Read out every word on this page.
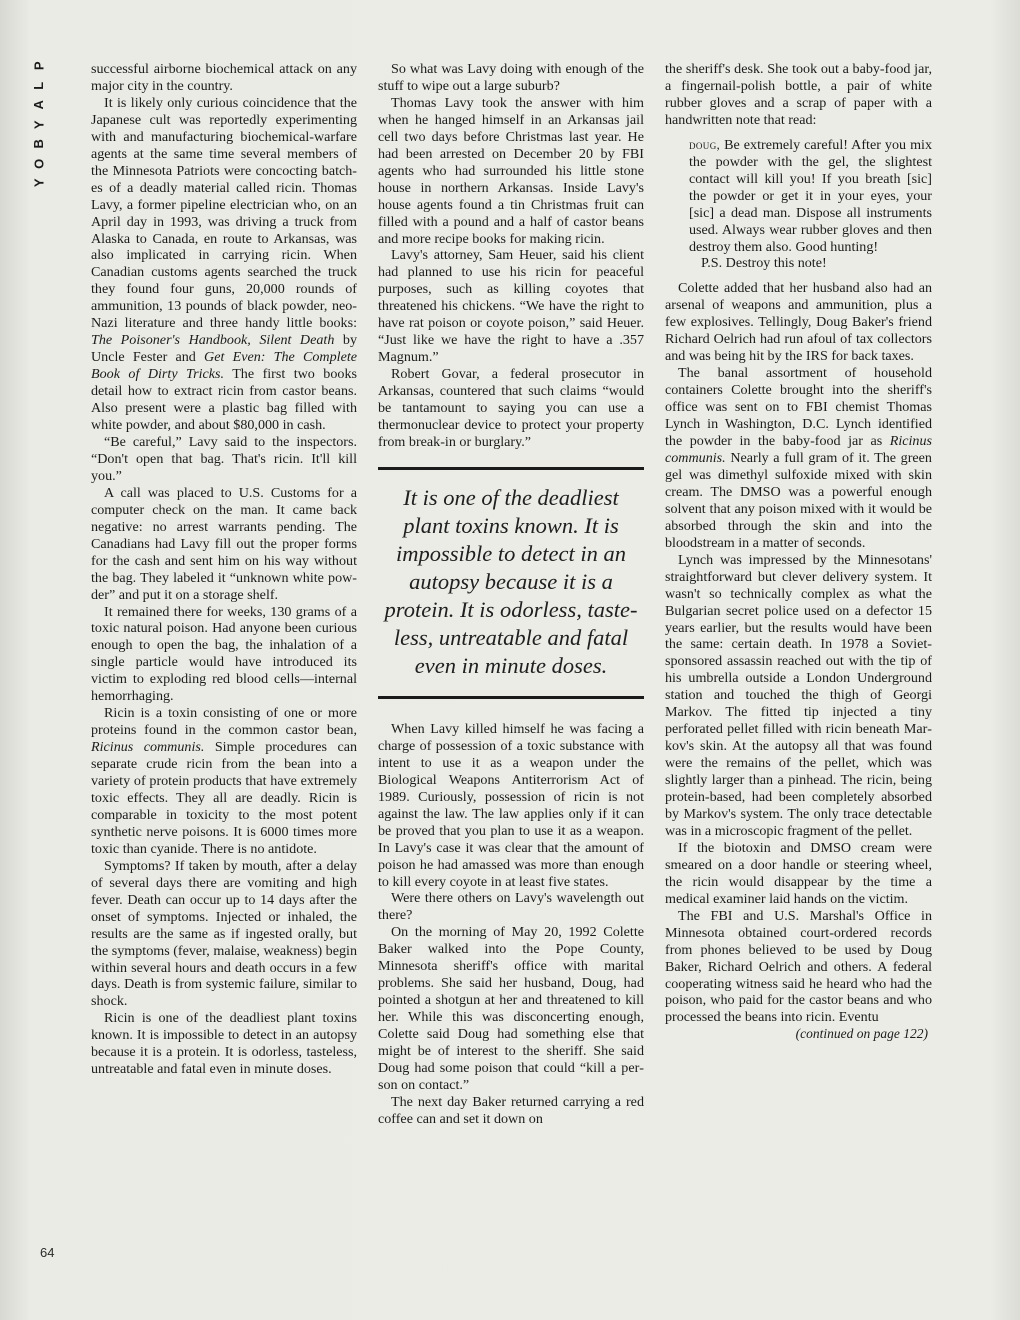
P
L
A
Y
B
O
Y
64

successful airborne biochemical attack on any major city in the country.

It is likely only curious coincidence that the Japanese cult was reportedly experimenting with and manufacturing biochemical-warfare agents at the same time several members of the Minnesota Patriots were concocting batches of a deadly material called ricin. Thomas Lavy, a former pipeline electrician who, on an April day in 1993, was driving a truck from Alaska to Canada, en route to Arkansas, was also implicated in carrying ricin. When Canadian customs agents searched the truck they found four guns, 20,000 rounds of ammunition, 13 pounds of black powder, neo-Nazi literature and three handy little books: The Poisoner's Handbook, Silent Death by Uncle Fester and Get Even: The Complete Book of Dirty Tricks. The first two books detail how to extract ricin from castor beans. Also present were a plastic bag filled with white powder, and about $80,000 in cash.

“Be careful,” Lavy said to the inspectors. “Don't open that bag. That's ricin. It'll kill you.”

A call was placed to U.S. Customs for a computer check on the man. It came back negative: no arrest warrants pending. The Canadians had Lavy fill out the proper forms for the cash and sent him on his way without the bag. They labeled it “unknown white powder” and put it on a storage shelf.

It remained there for weeks, 130 grams of a toxic natural poison. Had anyone been curious enough to open the bag, the inhalation of a single particle would have introduced its victim to exploding red blood cells—internal hemorrhaging.

Ricin is a toxin consisting of one or more proteins found in the common castor bean, Ricinus communis. Simple procedures can separate crude ricin from the bean into a variety of protein products that have extremely toxic effects. They all are deadly. Ricin is comparable in toxicity to the most potent synthetic nerve poisons. It is 6000 times more toxic than cyanide. There is no antidote.

Symptoms? If taken by mouth, after a delay of several days there are vomiting and high fever. Death can occur up to 14 days after the onset of symptoms. Injected or inhaled, the results are the same as if ingested orally, but the symptoms (fever, malaise, weakness) begin within several hours and death occurs in a few days. Death is from systemic failure, similar to shock.

Ricin is one of the deadliest plant toxins known. It is impossible to detect in an autopsy because it is a protein. It is odorless, tasteless, untreatable and fatal even in minute doses.

So what was Lavy doing with enough of the stuff to wipe out a large suburb?

Thomas Lavy took the answer with him when he hanged himself in an Arkansas jail cell two days before Christmas last year. He had been arrested on December 20 by FBI agents who had surrounded his little stone house in northern Arkansas. Inside Lavy's house agents found a tin Christmas fruit can filled with a pound and a half of castor beans and more recipe books for making ricin.

Lavy's attorney, Sam Heuer, said his client had planned to use his ricin for peaceful purposes, such as killing coyotes that threatened his chickens. “We have the right to have rat poison or coyote poison,” said Heuer. “Just like we have the right to have a .357 Magnum.”

Robert Govar, a federal prosecutor in Arkansas, countered that such claims “would be tantamount to saying you can use a thermonuclear device to protect your property from break-in or burglary.”

It is one of the deadliest plant toxins known. It is impossible to detect in an autopsy because it is a protein. It is odorless, tasteless, untreatable and fatal even in minute doses.

When Lavy killed himself he was facing a charge of possession of a toxic substance with intent to use it as a weapon under the Biological Weapons Antiterrorism Act of 1989. Curiously, possession of ricin is not against the law. The law applies only if it can be proved that you plan to use it as a weapon. In Lavy's case it was clear that the amount of poison he had amassed was more than enough to kill every coyote in at least five states.

Were there others on Lavy's wavelength out there?

On the morning of May 20, 1992 Colette Baker walked into the Pope County, Minnesota sheriff's office with marital problems. She said her husband, Doug, had pointed a shotgun at her and threatened to kill her. While this was disconcerting enough, Colette said Doug had something else that might be of interest to the sheriff. She said Doug had some poison that could “kill a person on contact.”

The next day Baker returned carrying a red coffee can and set it down on

the sheriff's desk. She took out a baby-food jar, a fingernail-polish bottle, a pair of white rubber gloves and a scrap of paper with a handwritten note that read:

doug, Be extremely careful! After you mix the powder with the gel, the slightest contact will kill you! If you breath [sic] the powder or get it in your eyes, your [sic] a dead man. Dispose all instruments used. Always wear rubber gloves and then destroy them also. Good hunting!

P.S. Destroy this note!

Colette added that her husband also had an arsenal of weapons and ammunition, plus a few explosives. Tellingly, Doug Baker's friend Richard Oelrich had run afoul of tax collectors and was being hit by the IRS for back taxes.

The banal assortment of household containers Colette brought into the sheriff's office was sent on to FBI chemist Thomas Lynch in Washington, D.C. Lynch identified the powder in the baby-food jar as Ricinus communis. Nearly a full gram of it. The green gel was dimethyl sulfoxide mixed with skin cream. The DMSO was a powerful enough solvent that any poison mixed with it would be absorbed through the skin and into the bloodstream in a matter of seconds.

Lynch was impressed by the Minnesotans' straightforward but clever delivery system. It wasn't so technically complex as what the Bulgarian secret police used on a defector 15 years earlier, but the results would have been the same: certain death. In 1978 a Soviet-sponsored assassin reached out with the tip of his umbrella outside a London Underground station and touched the thigh of Georgi Markov. The fitted tip injected a tiny perforated pellet filled with ricin beneath Markov's skin. At the autopsy all that was found were the remains of the pellet, which was slightly larger than a pinhead. The ricin, being protein-based, had been completely absorbed by Markov's system. The only trace detectable was in a microscopic fragment of the pellet.

If the biotoxin and DMSO cream were smeared on a door handle or steering wheel, the ricin would disappear by the time a medical examiner laid hands on the victim.

The FBI and U.S. Marshal's Office in Minnesota obtained court-ordered records from phones believed to be used by Doug Baker, Richard Oelrich and others. A federal cooperating witness said he heard who had the poison, who paid for the castor beans and who processed the beans into ricin. Eventu

(continued on page 122)
